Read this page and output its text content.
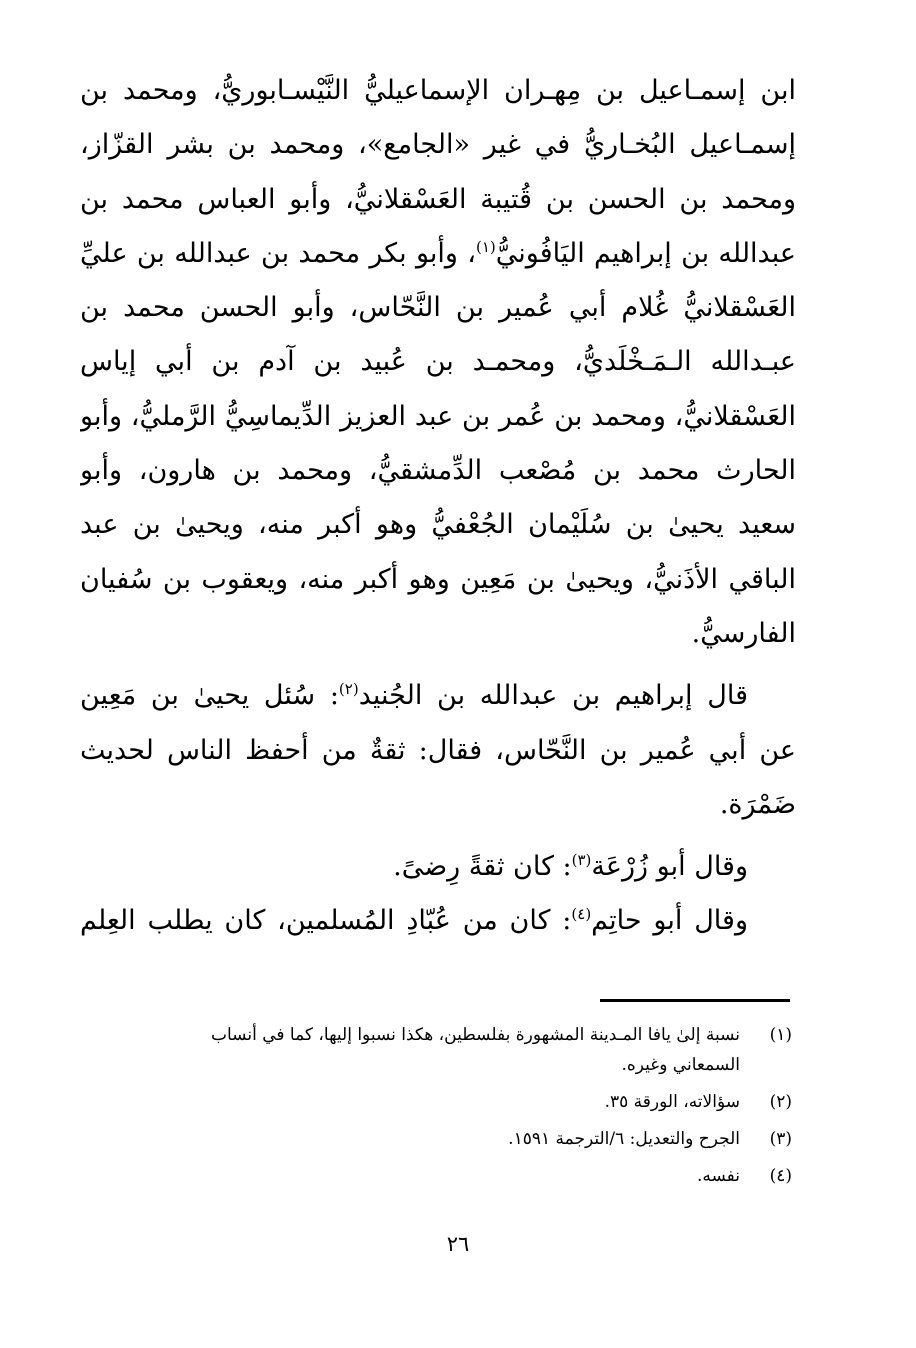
ابن إسمـاعيل بن مِهـران الإسماعيليُّ النَّيْسـابوريُّ، ومحمد بن
إسمـاعيل البُخـاريُّ في غير «الجامع»، ومحمد بن بشر القزّاز،
ومحمد بن الحسن بن قُتيبة العَسْقلانيُّ، وأبو العباس محمد بن
عبدالله بن إبراهيم اليَافُونيُّ$^{(١)}$، وأبو بكر محمد بن عبدالله بن عليِّ
العَسْقلانيُّ غُلام أبي عُمير بن النَّحّاس، وأبو الحسن محمد بن
عبـدالله الـمَـخْلَديُّ، ومحمـد بن عُبيد بن آدم بن أبي إياس
العَسْقلانيُّ، ومحمد بن عُمر بن عبد العزيز الدِّيماسِيُّ الرَّمليُّ، وأبو
الحارث محمد بن مُصْعب الدِّمشقيُّ، ومحمد بن هارون، وأبو
سعيد يحيىٰ بن سُلَيْمان الجُعْفيُّ وهو أكبر منه، ويحيىٰ بن عبد
الباقي الأذَنيُّ، ويحيىٰ بن مَعِين وهو أكبر منه، ويعقوب بن سُفيان
الفارسيُّ.
قال إبراهيم بن عبدالله بن الجُنيد$^{(٢)}$: سُئل يحيىٰ بن مَعِين
عن أبي عُمير بن النَّحّاس، فقال: ثقةٌ من أحفظ الناس لحديث
ضَمْرَة.
وقال أبو زُرْعَة$^{(٣)}$: كان ثقةً رِضىً.
وقال أبو حاتِم$^{(٤)}$: كان من عُبّادِ المُسلمين، كان يطلب العِلم
(١)
نسبة إلىٰ يافا المـدينة المشهورة بفلسطين، هكذا نسبوا إليها، كما في أنساب
السمعاني وغيره.
(٢)
سؤالاته، الورقة ٣٥.
(٣)
الجرح والتعديل: ٦/الترجمة ١٥٩١.
(٤)
نفسه.
٢٦
